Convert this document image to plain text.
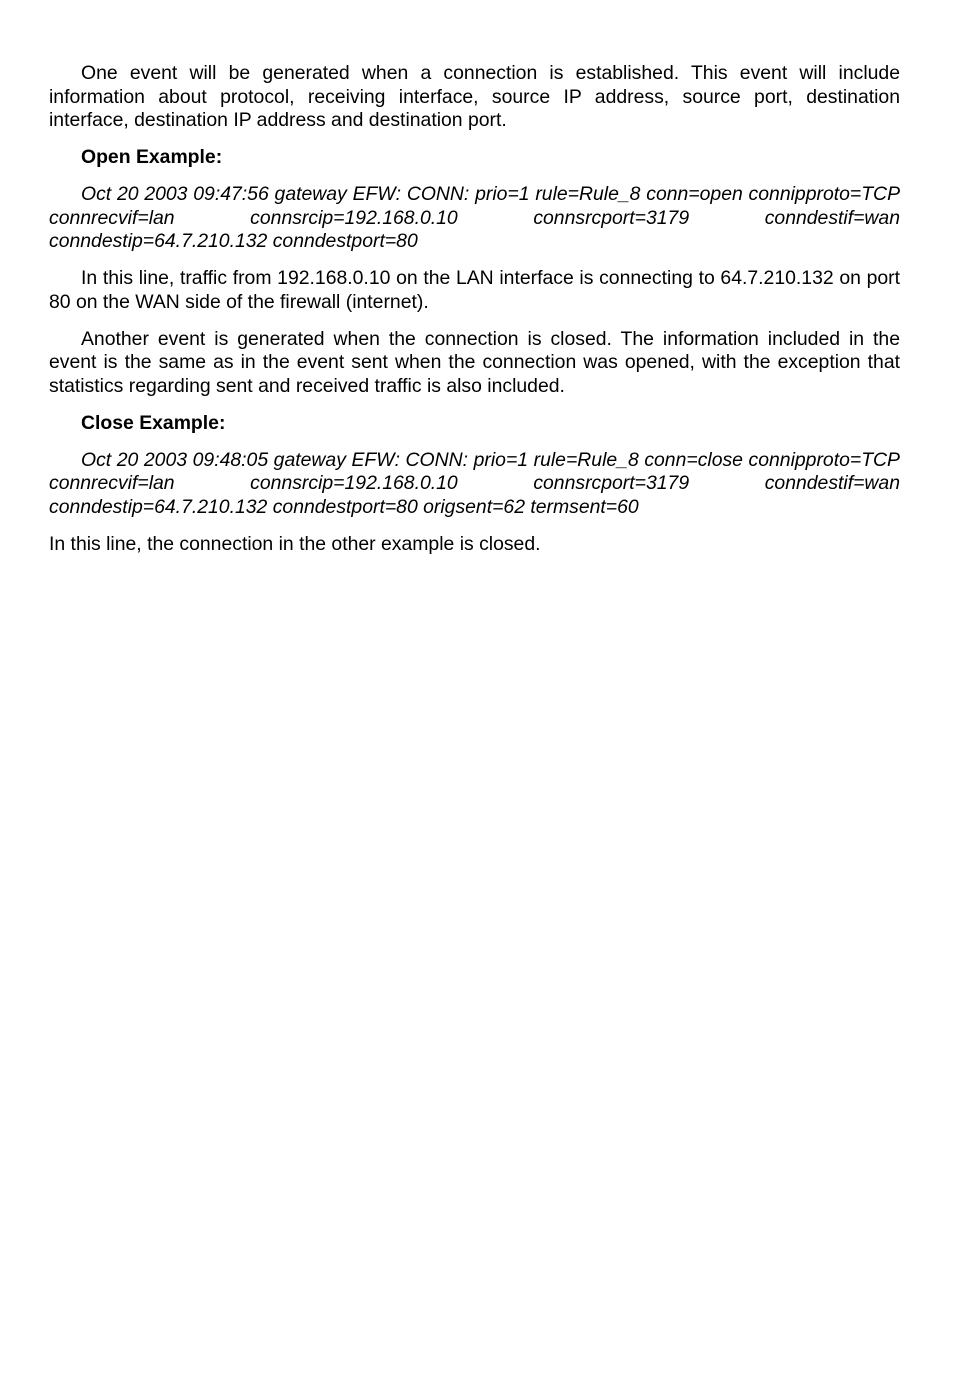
One event will be generated when a connection is established. This event will include information about protocol, receiving interface, source IP address, source port, destination interface, destination IP address and destination port.

Open Example:

Oct 20 2003 09:47:56 gateway EFW: CONN: prio=1 rule=Rule_8 conn=open connipproto=TCP connrecvif=lan connsrcip=192.168.0.10 connsrcport=3179 conndestif=wan conndestip=64.7.210.132 conndestport=80

In this line, traffic from 192.168.0.10 on the LAN interface is connecting to 64.7.210.132 on port 80 on the WAN side of the firewall (internet).

Another event is generated when the connection is closed. The information included in the event is the same as in the event sent when the connection was opened, with the exception that statistics regarding sent and received traffic is also included.

Close Example:

Oct 20 2003 09:48:05 gateway EFW: CONN: prio=1 rule=Rule_8 conn=close connipproto=TCP connrecvif=lan connsrcip=192.168.0.10 connsrcport=3179 conndestif=wan conndestip=64.7.210.132 conndestport=80 origsent=62 termsent=60

In this line, the connection in the other example is closed.
